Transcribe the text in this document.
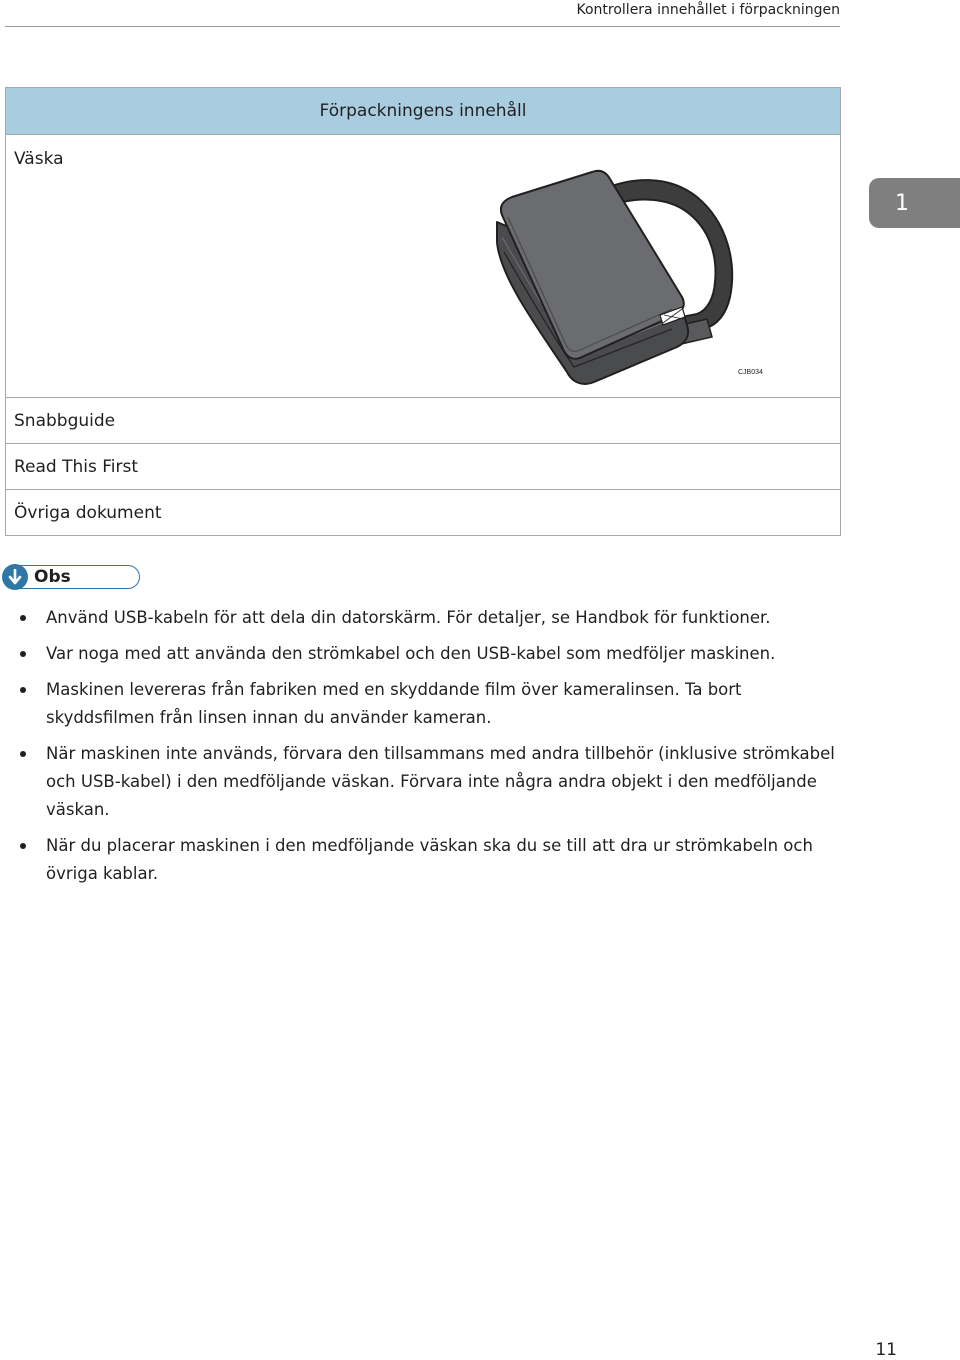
Kontrollera innehållet i förpackningen
Förpackningens innehåll

Väska
CJB034

Snabbguide
Read This First
Övriga dokument
1
Obs
Använd USB-kabeln för att dela din datorskärm. För detaljer, se Handbok för funktioner.
Var noga med att använda den strömkabel och den USB-kabel som medföljer maskinen.
Maskinen levereras från fabriken med en skyddande film över kameralinsen. Ta bort skyddsfilmen från linsen innan du använder kameran.
När maskinen inte används, förvara den tillsammans med andra tillbehör (inklusive strömkabel och USB-kabel) i den medföljande väskan. Förvara inte några andra objekt i den medföljande väskan.
När du placerar maskinen i den medföljande väskan ska du se till att dra ur strömkabeln och övriga kablar.
11
